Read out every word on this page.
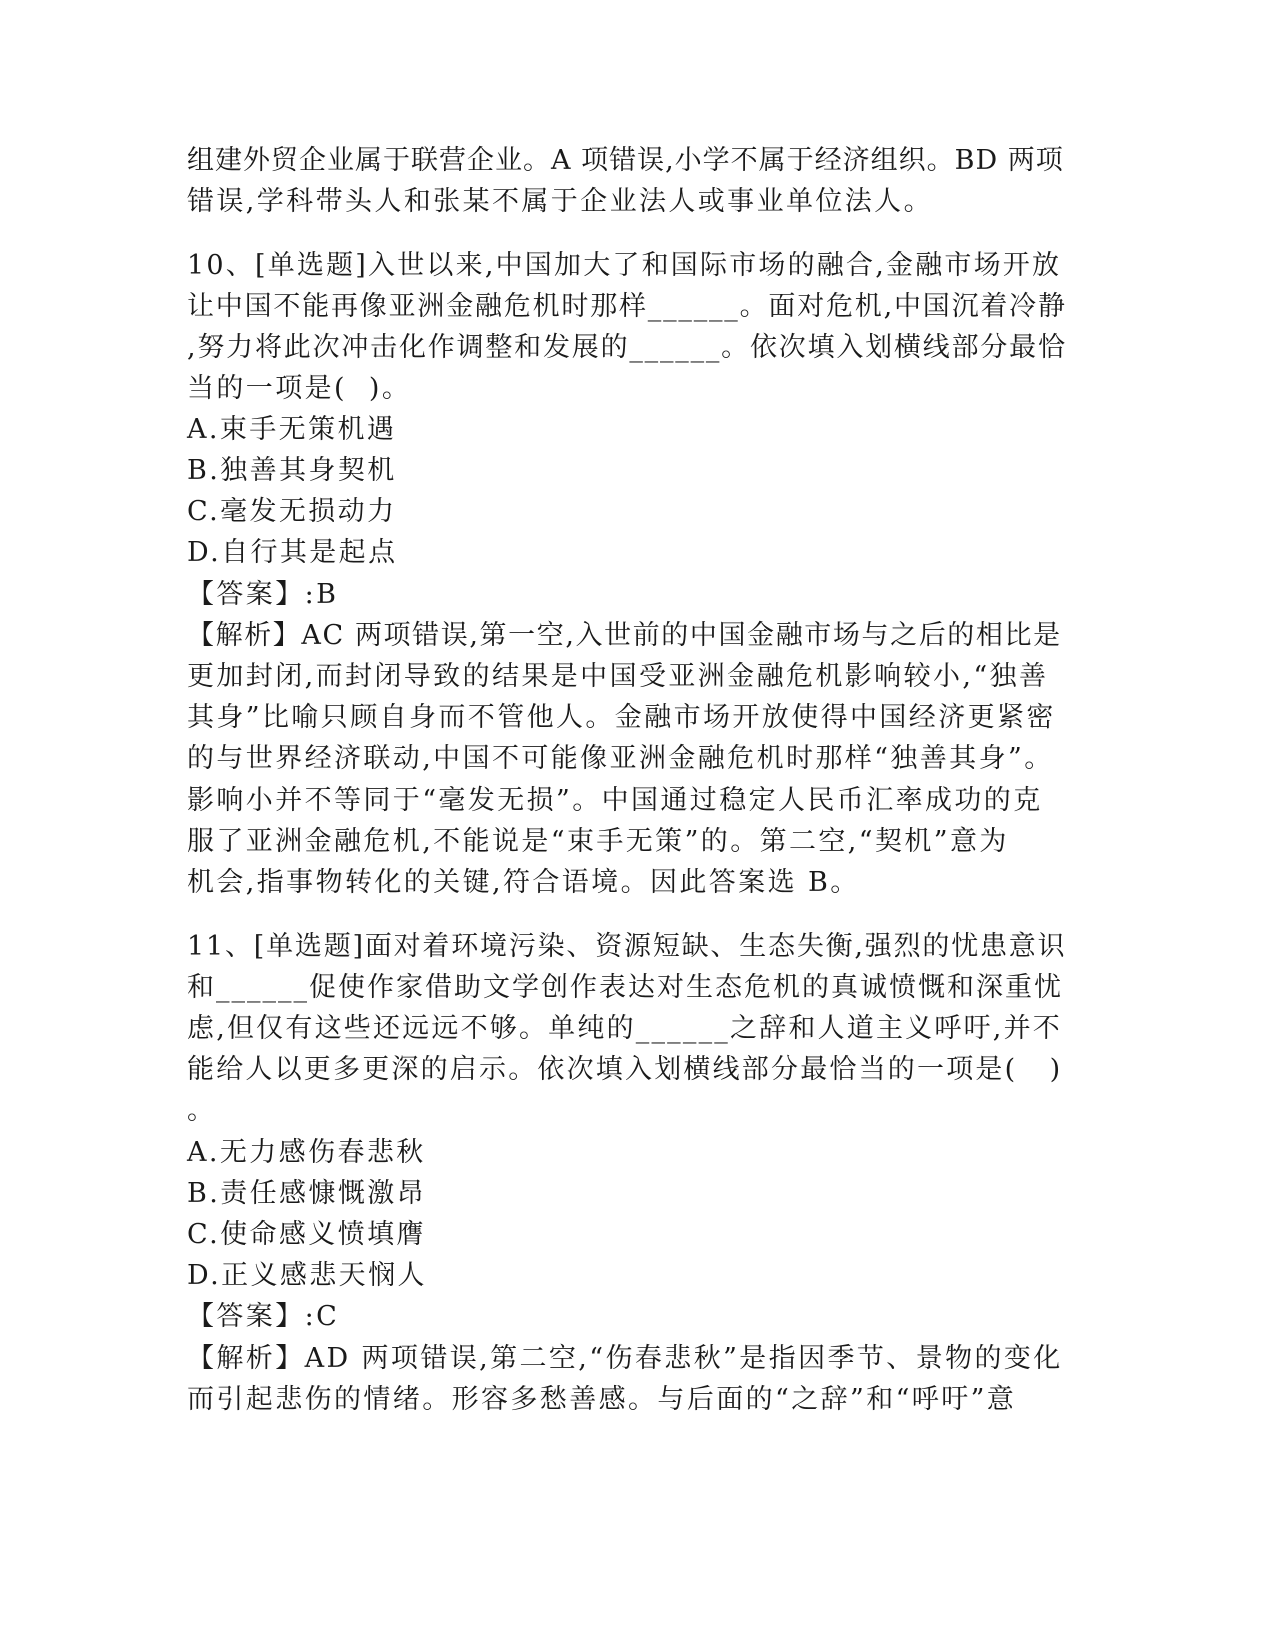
组建外贸企业属于联营企业。A 项错误,小学不属于经济组织。BD 两项
错误,学科带头人和张某不属于企业法人或事业单位法人。
10、[单选题]入世以来,中国加大了和国际市场的融合,金融市场开放
让中国不能再像亚洲金融危机时那样______。面对危机,中国沉着冷静
,努力将此次冲击化作调整和发展的______。依次填入划横线部分最恰
当的一项是(  )。
A.束手无策机遇
B.独善其身契机
C.毫发无损动力
D.自行其是起点
【答案】:B
【解析】AC 两项错误,第一空,入世前的中国金融市场与之后的相比是
更加封闭,而封闭导致的结果是中国受亚洲金融危机影响较小,“独善
其身”比喻只顾自身而不管他人。金融市场开放使得中国经济更紧密
的与世界经济联动,中国不可能像亚洲金融危机时那样“独善其身”。
影响小并不等同于“毫发无损”。中国通过稳定人民币汇率成功的克
服了亚洲金融危机,不能说是“束手无策”的。第二空,“契机”意为
机会,指事物转化的关键,符合语境。因此答案选 B。
11、[单选题]面对着环境污染、资源短缺、生态失衡,强烈的忧患意识
和______促使作家借助文学创作表达对生态危机的真诚愤慨和深重忧
虑,但仅有这些还远远不够。单纯的______之辞和人道主义呼吁,并不
能给人以更多更深的启示。依次填入划横线部分最恰当的一项是(   )
。
A.无力感伤春悲秋
B.责任感慷慨激昂
C.使命感义愤填膺
D.正义感悲天悯人
【答案】:C
【解析】AD 两项错误,第二空,“伤春悲秋”是指因季节、景物的变化
而引起悲伤的情绪。形容多愁善感。与后面的“之辞”和“呼吁”意
